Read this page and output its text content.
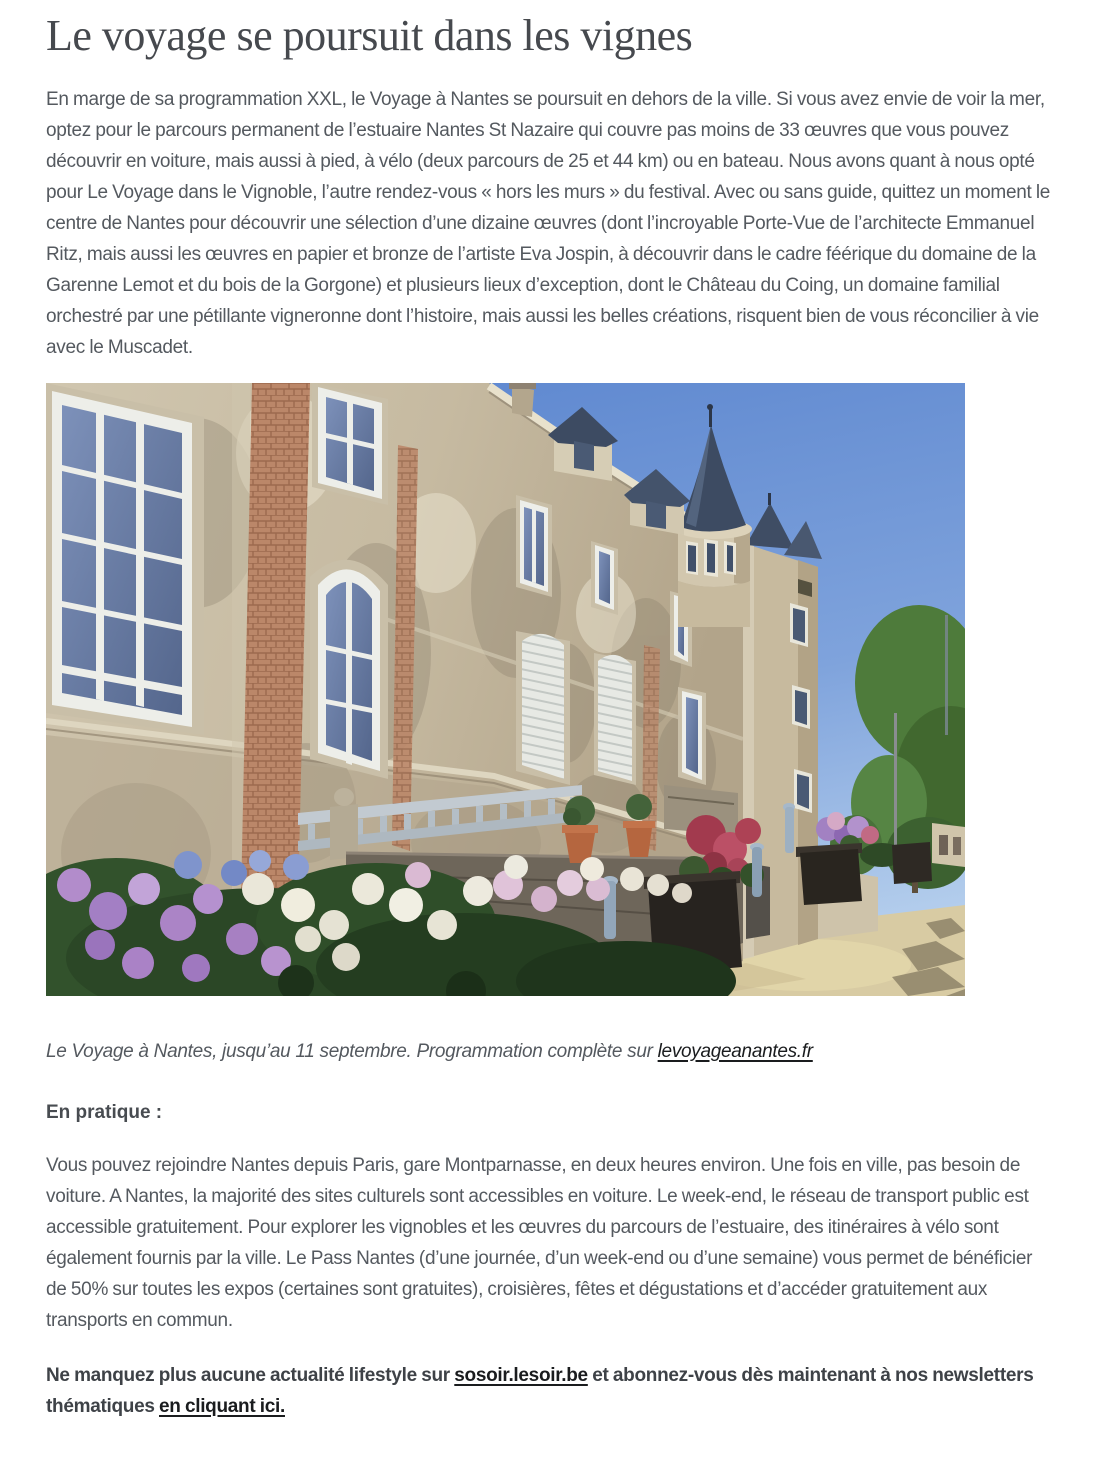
Le voyage se poursuit dans les vignes

En marge de sa programmation XXL, le Voyage à Nantes se poursuit en dehors de la ville. Si vous avez envie de voir la mer, optez pour le parcours permanent de l’estuaire Nantes St Nazaire qui couvre pas moins de 33 œuvres que vous pouvez découvrir en voiture, mais aussi à pied, à vélo (deux parcours de 25 et 44 km) ou en bateau. Nous avons quant à nous opté pour Le Voyage dans le Vignoble, l’autre rendez-vous « hors les murs » du festival. Avec ou sans guide, quittez un moment le centre de Nantes pour découvrir une sélection d’une dizaine œuvres (dont l’incroyable Porte-Vue de l’architecte Emmanuel Ritz, mais aussi les œuvres en papier et bronze de l’artiste Eva Jospin, à découvrir dans le cadre féérique du domaine de la Garenne Lemot et du bois de la Gorgone) et plusieurs lieux d’exception, dont le Château du Coing, un domaine familial orchestré par une pétillante vigneronne dont l’histoire, mais aussi les belles créations, risquent bien de vous réconcilier à vie avec le Muscadet.

Le Voyage à Nantes, jusqu’au 11 septembre. Programmation complète sur levoyageanantes.fr

En pratique :

Vous pouvez rejoindre Nantes depuis Paris, gare Montparnasse, en deux heures environ. Une fois en ville, pas besoin de voiture. A Nantes, la majorité des sites culturels sont accessibles en voiture. Le week-end, le réseau de transport public est accessible gratuitement. Pour explorer les vignobles et les œuvres du parcours de l’estuaire, des itinéraires à vélo sont également fournis par la ville. Le Pass Nantes (d’une journée, d’un week-end ou d’une semaine) vous permet de bénéficier de 50% sur toutes les expos (certaines sont gratuites), croisières, fêtes et dégustations et d’accéder gratuitement aux transports en commun.

Ne manquez plus aucune actualité lifestyle sur sosoir.lesoir.be et abonnez-vous dès maintenant à nos newsletters thématiques en cliquant ici.
